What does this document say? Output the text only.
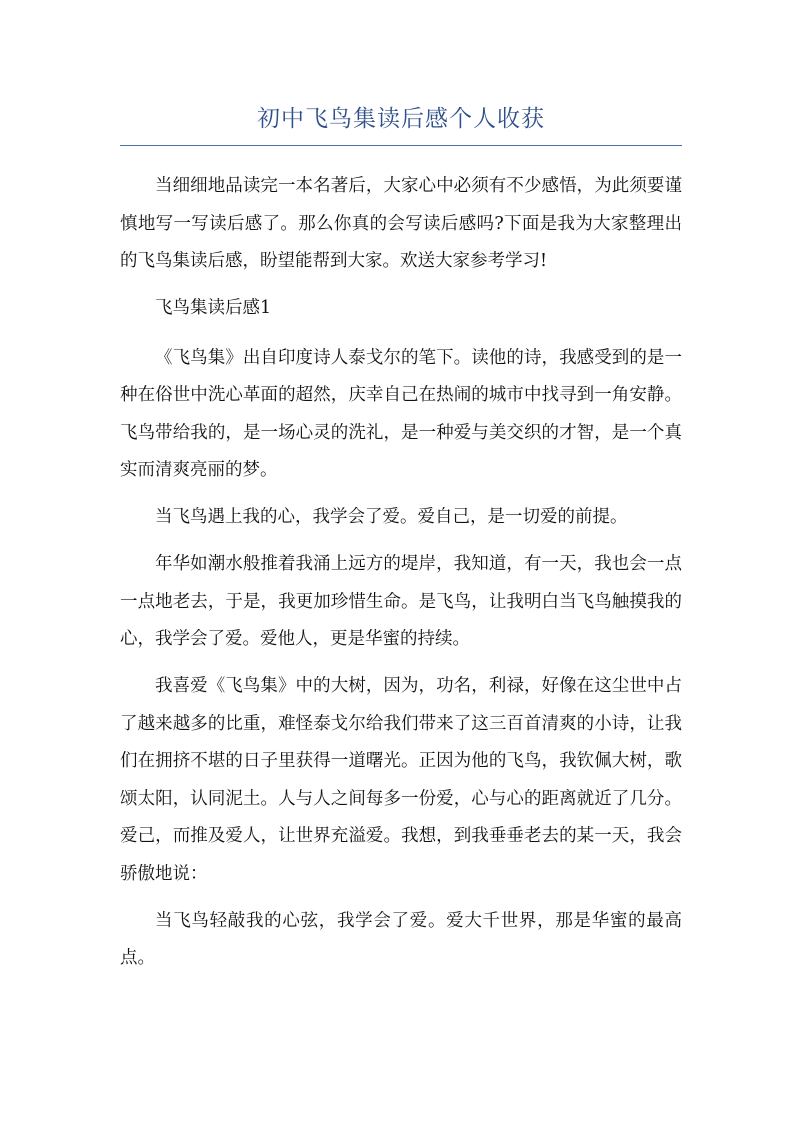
初中飞鸟集读后感个人收获

当细细地品读完一本名著后，大家心中必须有不少感悟，为此须要谨慎地写一写读后感了。那么你真的会写读后感吗?下面是我为大家整理出的飞鸟集读后感，盼望能帮到大家。欢送大家参考学习!

飞鸟集读后感1

《飞鸟集》出自印度诗人泰戈尔的笔下。读他的诗，我感受到的是一种在俗世中洗心革面的超然，庆幸自己在热闹的城市中找寻到一角安静。飞鸟带给我的，是一场心灵的洗礼，是一种爱与美交织的才智，是一个真实而清爽亮丽的梦。

当飞鸟遇上我的心，我学会了爱。爱自己，是一切爱的前提。

年华如潮水般推着我涌上远方的堤岸，我知道，有一天，我也会一点一点地老去，于是，我更加珍惜生命。是飞鸟，让我明白当飞鸟触摸我的心，我学会了爱。爱他人，更是华蜜的持续。

我喜爱《飞鸟集》中的大树，因为，功名，利禄，好像在这尘世中占了越来越多的比重，难怪泰戈尔给我们带来了这三百首清爽的小诗，让我们在拥挤不堪的日子里获得一道曙光。正因为他的飞鸟，我钦佩大树，歌颂太阳，认同泥土。人与人之间每多一份爱，心与心的距离就近了几分。爱己，而推及爱人，让世界充溢爱。我想，到我垂垂老去的某一天，我会骄傲地说：

当飞鸟轻敲我的心弦，我学会了爱。爱大千世界，那是华蜜的最高点。
